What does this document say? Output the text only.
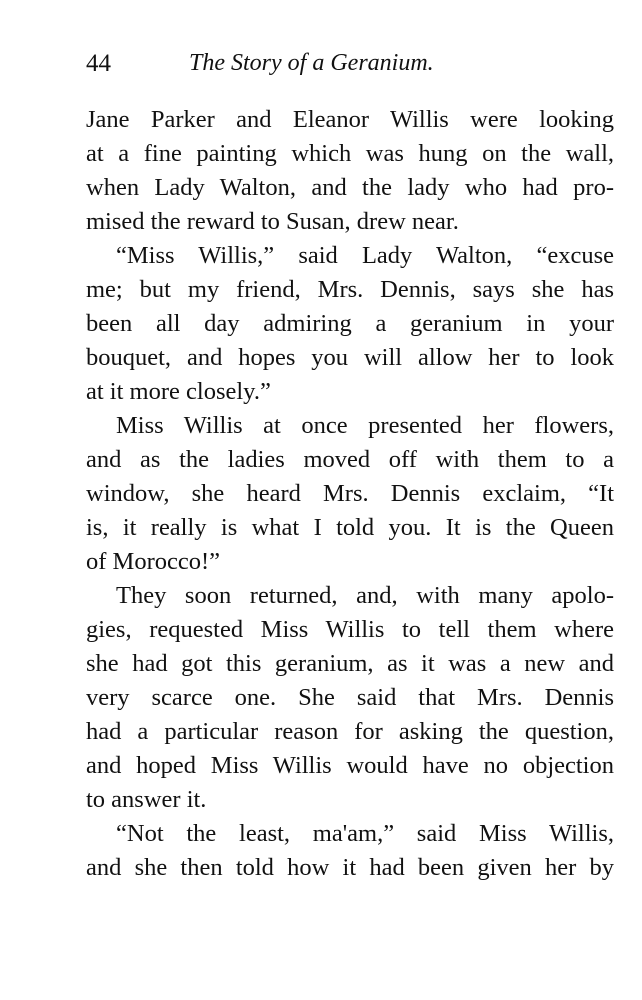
44	The Story of a Geranium.
Jane Parker and Eleanor Willis were looking
at a fine painting which was hung on the wall,
when Lady Walton, and the lady who had pro-
mised the reward to Susan, drew near.
“Miss Willis,” said Lady Walton, “excuse
me; but my friend, Mrs. Dennis, says she has
been all day admiring a geranium in your
bouquet, and hopes you will allow her to look
at it more closely.”
Miss Willis at once presented her flowers,
and as the ladies moved off with them to a
window, she heard Mrs. Dennis exclaim, “It
is, it really is what I told you. It is the Queen
of Morocco!”
They soon returned, and, with many apolo-
gies, requested Miss Willis to tell them where
she had got this geranium, as it was a new and
very scarce one. She said that Mrs. Dennis
had a particular reason for asking the question,
and hoped Miss Willis would have no objection
to answer it.
“Not the least, ma'am,” said Miss Willis,
and she then told how it had been given her by
